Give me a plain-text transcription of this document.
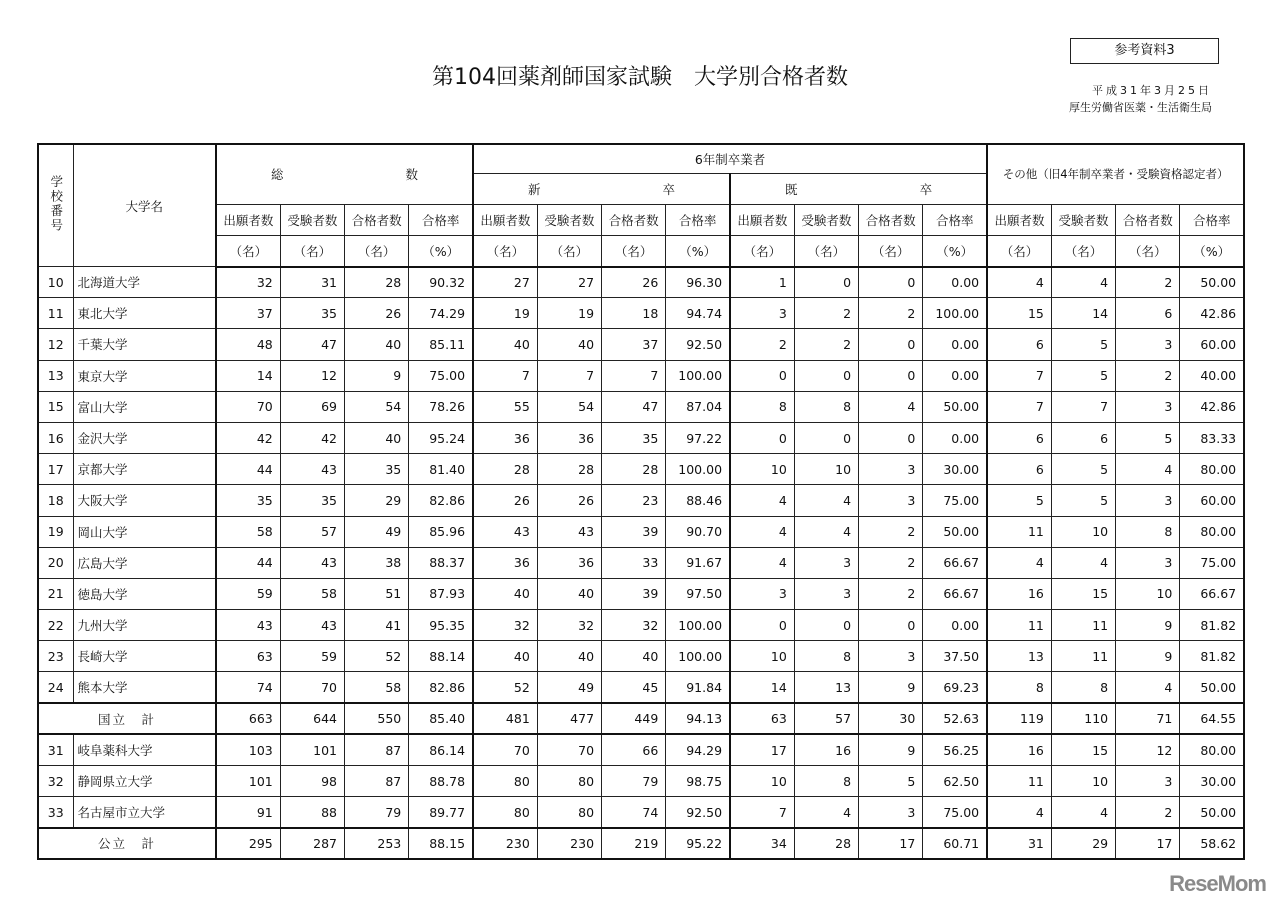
参考資料3
第104回薬剤師国家試験　大学別合格者数
平成31年3月25日
厚生労働省医薬・生活衛生局
学校番号	大学名	総 数				6年制卒業者								その他（旧4年制卒業者・受験資格認定者）			

						新 卒				既 卒							

		出願者数	受験者数	合格者数	合格率	出願者数	受験者数	合格者数	合格率	出願者数	受験者数	合格者数	合格率	出願者数	受験者数	合格者数	合格率
		（名）	（名）	（名）	（%）	（名）	（名）	（名）	（%）	（名）	（名）	（名）	（%）	（名）	（名）	（名）	（%）
10	北海道大学	32	31	28	90.32	27	27	26	96.30	1	0	0	0.00	4	4	2	50.00
11	東北大学	37	35	26	74.29	19	19	18	94.74	3	2	2	100.00	15	14	6	42.86
12	千葉大学	48	47	40	85.11	40	40	37	92.50	2	2	0	0.00	6	5	3	60.00
13	東京大学	14	12	9	75.00	7	7	7	100.00	0	0	0	0.00	7	5	2	40.00
15	富山大学	70	69	54	78.26	55	54	47	87.04	8	8	4	50.00	7	7	3	42.86
16	金沢大学	42	42	40	95.24	36	36	35	97.22	0	0	0	0.00	6	6	5	83.33
17	京都大学	44	43	35	81.40	28	28	28	100.00	10	10	3	30.00	6	5	4	80.00
18	大阪大学	35	35	29	82.86	26	26	23	88.46	4	4	3	75.00	5	5	3	60.00
19	岡山大学	58	57	49	85.96	43	43	39	90.70	4	4	2	50.00	11	10	8	80.00
20	広島大学	44	43	38	88.37	36	36	33	91.67	4	3	2	66.67	4	4	3	75.00
21	徳島大学	59	58	51	87.93	40	40	39	97.50	3	3	2	66.67	16	15	10	66.67
22	九州大学	43	43	41	95.35	32	32	32	100.00	0	0	0	0.00	11	11	9	81.82
23	長崎大学	63	59	52	88.14	40	40	40	100.00	10	8	3	37.50	13	11	9	81.82
24	熊本大学	74	70	58	82.86	52	49	45	91.84	14	13	9	69.23	8	8	4	50.00
国立　計		663	644	550	85.40	481	477	449	94.13	63	57	30	52.63	119	110	71	64.55
31	岐阜薬科大学	103	101	87	86.14	70	70	66	94.29	17	16	9	56.25	16	15	12	80.00
32	静岡県立大学	101	98	87	88.78	80	80	79	98.75	10	8	5	62.50	11	10	3	30.00
33	名古屋市立大学	91	88	79	89.77	80	80	74	92.50	7	4	3	75.00	4	4	2	50.00
公立　計		295	287	253	88.15	230	230	219	95.22	34	28	17	60.71	31	29	17	58.62
ReseMom
